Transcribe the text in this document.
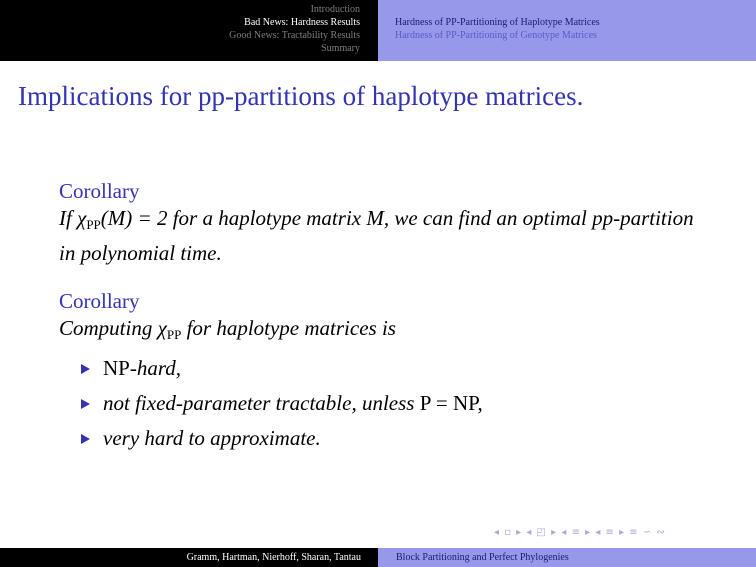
Introduction
Bad News: Hardness Results
Good News: Tractability Results
Summary
Hardness of PP-Partitioning of Haplotype Matrices
Hardness of PP-Partitioning of Genotype Matrices
Implications for pp-partitions of haplotype matrices.
Corollary
If $\chi_{PP}(M) = 2$ for a haplotype matrix M, we can find an optimal pp-partition in polynomial time.
Corollary
Computing $\chi_{PP}$ for haplotype matrices is
NP-hard,
not fixed-parameter tractable, unless P = NP,
very hard to approximate.
◂ ▫ ▸ ◂ ◰ ▸ ◂ ≡ ▸ ◂ ≡ ▸ ≡ ∽ ∾
Gramm, Hartman, Nierhoff, Sharan, Tantau	Block Partitioning and Perfect Phylogenies
